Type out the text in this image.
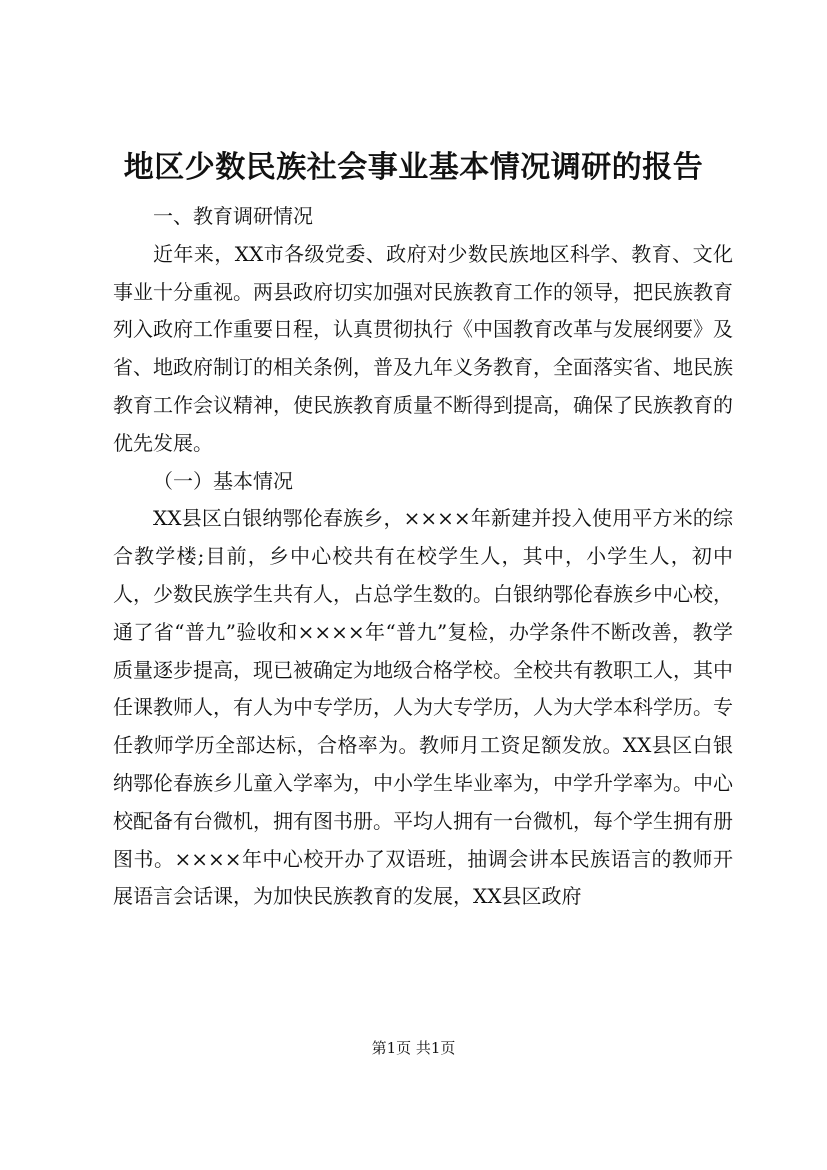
地区少数民族社会事业基本情况调研的报告

一、教育调研情况

近年来，XX市各级党委、政府对少数民族地区科学、教育、文化事业十分重视。两县政府切实加强对民族教育工作的领导，把民族教育列入政府工作重要日程，认真贯彻执行《中国教育改革与发展纲要》及省、地政府制订的相关条例，普及九年义务教育，全面落实省、地民族教育工作会议精神，使民族教育质量不断得到提高，确保了民族教育的优先发展。

（一）基本情况

XX县区白银纳鄂伦春族乡，××××年新建并投入使用平方米的综合教学楼;目前，乡中心校共有在校学生人，其中，小学生人，初中人，少数民族学生共有人，占总学生数的。白银纳鄂伦春族乡中心校，通了省“普九”验收和××××年“普九”复检，办学条件不断改善，教学质量逐步提高，现已被确定为地级合格学校。全校共有教职工人，其中任课教师人，有人为中专学历，人为大专学历，人为大学本科学历。专任教师学历全部达标，合格率为。教师月工资足额发放。XX县区白银纳鄂伦春族乡儿童入学率为，中小学生毕业率为，中学升学率为。中心校配备有台微机，拥有图书册。平均人拥有一台微机，每个学生拥有册图书。××××年中心校开办了双语班，抽调会讲本民族语言的教师开展语言会话课，为加快民族教育的发展，XX县区政府

第1页 共1页
